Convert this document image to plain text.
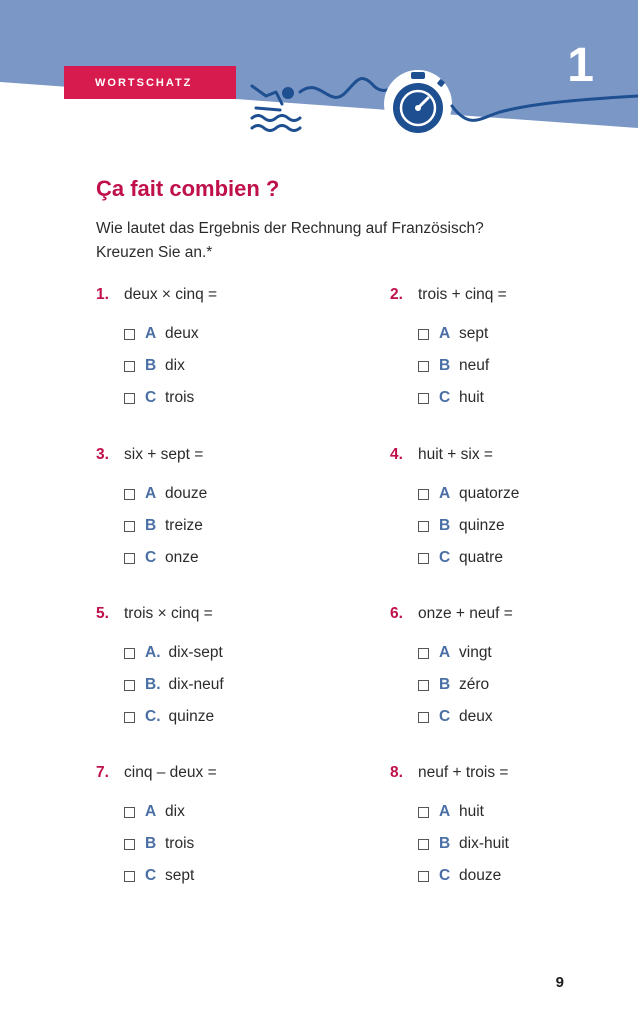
WORTSCHATZ	1
Ça fait combien ?
Wie lautet das Ergebnis der Rechnung auf Französisch? Kreuzen Sie an.*
1. deux × cinq =
A deux
B dix
C trois
2. trois + cinq =
A sept
B neuf
C huit
3. six + sept =
A douze
B treize
C onze
4. huit + six =
A quatorze
B quinze
C quatre
5. trois × cinq =
A. dix-sept
B. dix-neuf
C. quinze
6. onze + neuf =
A vingt
B zéro
C deux
7. cinq – deux =
A dix
B trois
C sept
8. neuf + trois =
A huit
B dix-huit
C douze
9
